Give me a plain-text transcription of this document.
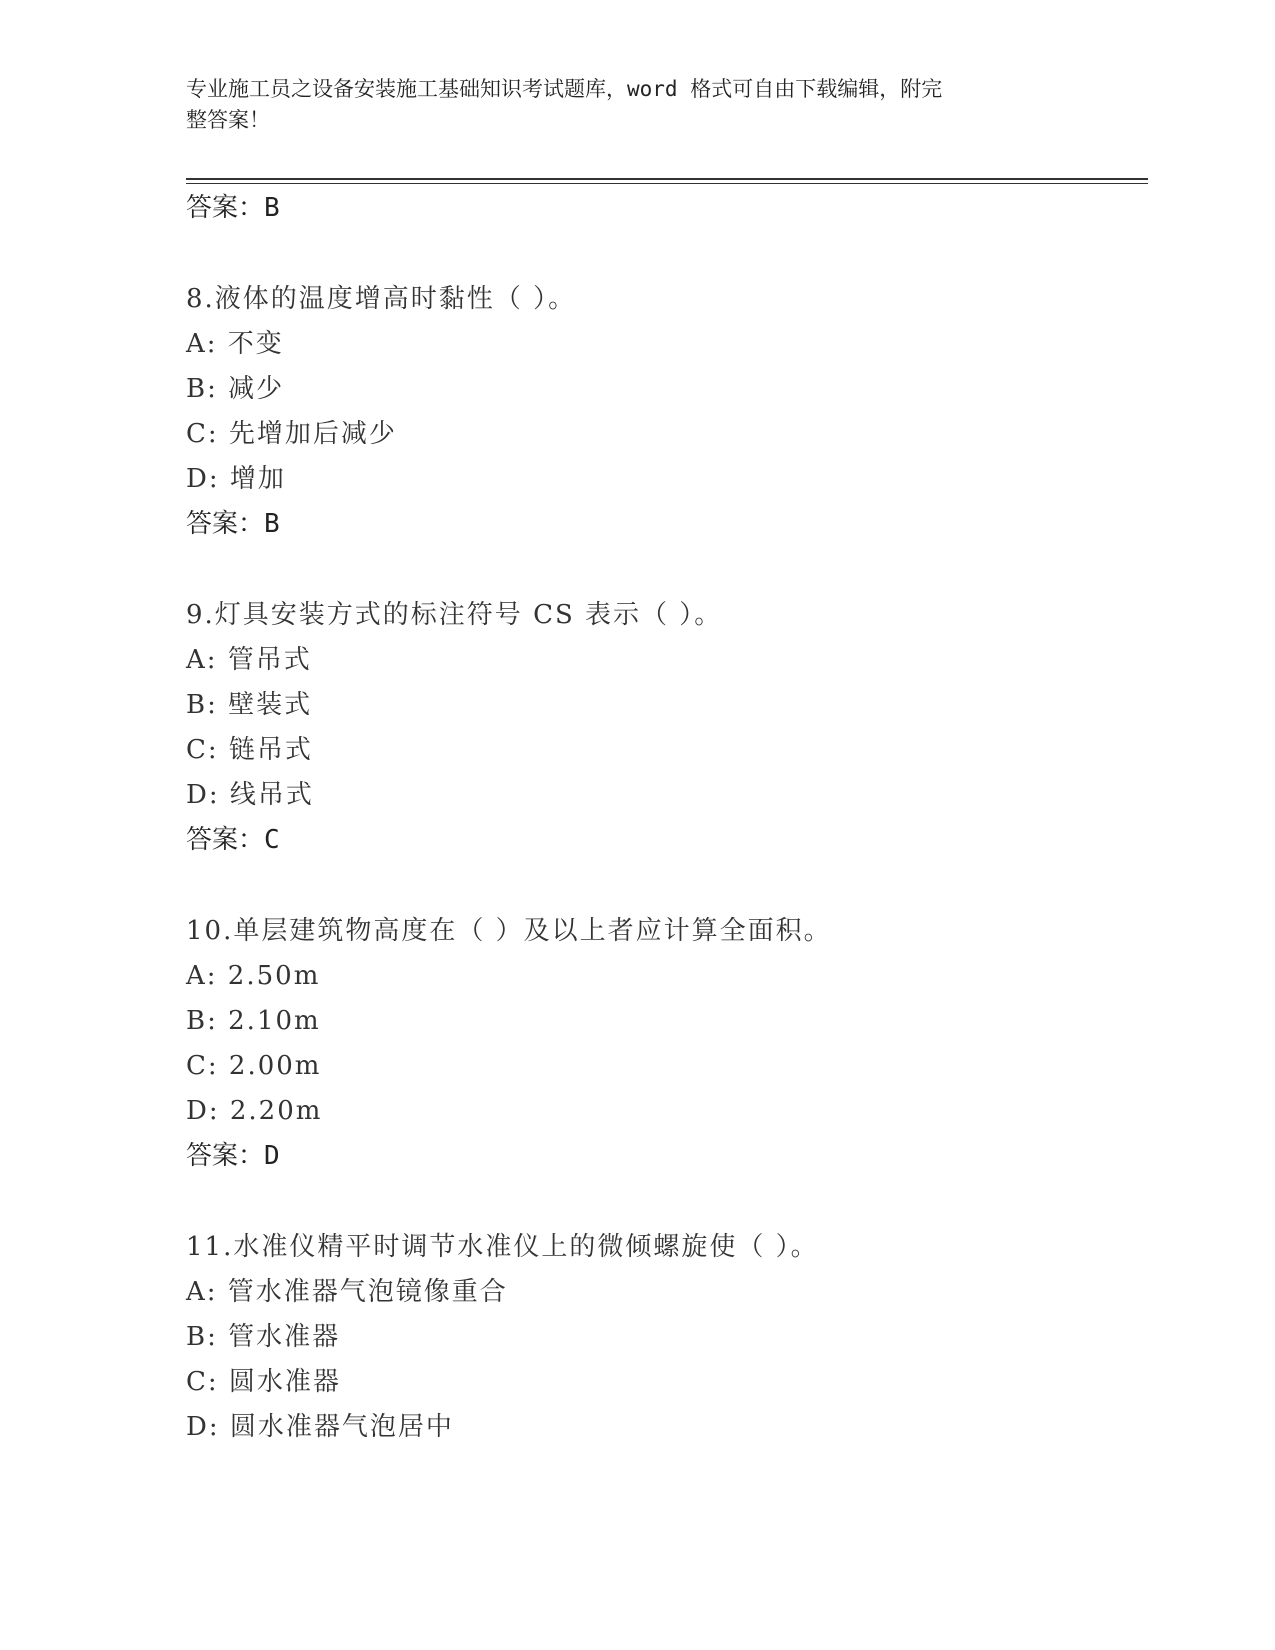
专业施工员之设备安装施工基础知识考试题库，word 格式可自由下载编辑，附完
整答案！
答案：B
8.液体的温度增高时黏性（ ）。
A: 不变
B: 减少
C: 先增加后减少
D: 增加
答案：B
9.灯具安装方式的标注符号 CS 表示（ ）。
A: 管吊式
B: 壁装式
C: 链吊式
D: 线吊式
答案：C
10.单层建筑物高度在（ ）及以上者应计算全面积。
A: 2.50m
B: 2.10m
C: 2.00m
D: 2.20m
答案：D
11.水准仪精平时调节水准仪上的微倾螺旋使（ ）。
A: 管水准器气泡镜像重合
B: 管水准器
C: 圆水准器
D: 圆水准器气泡居中
